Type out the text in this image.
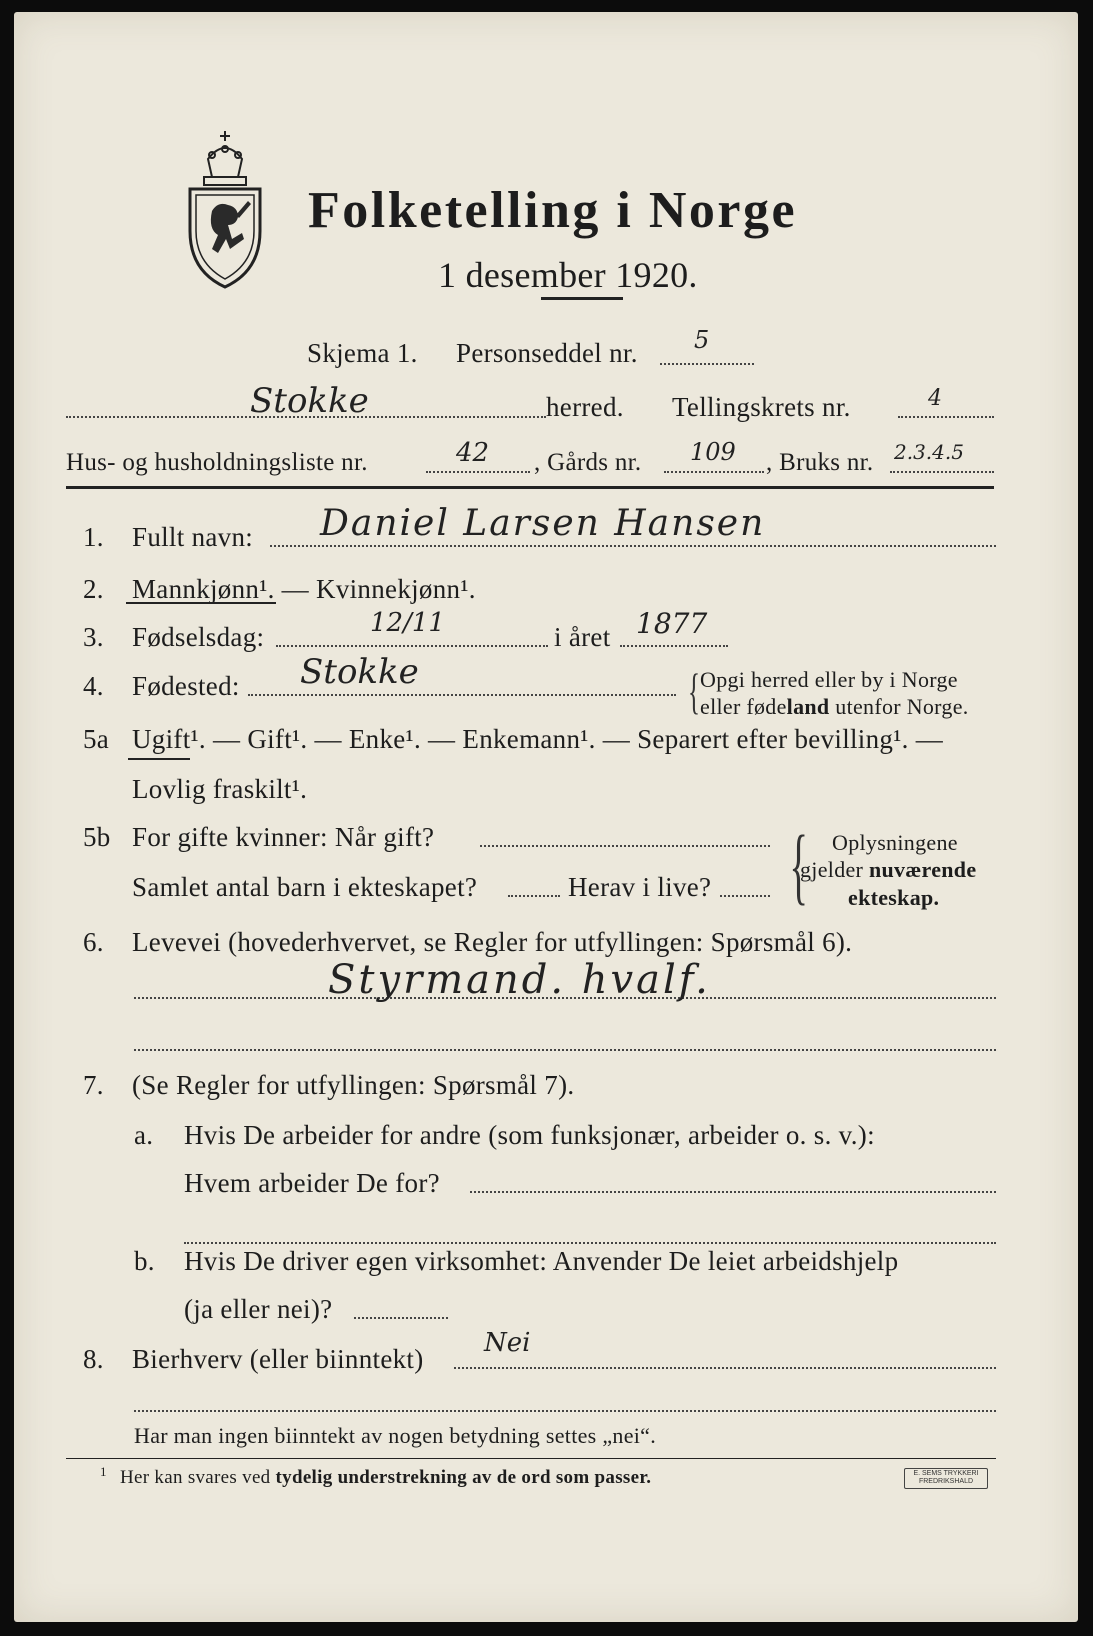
Folketelling i Norge
1 desember 1920.
Skjema 1. Personseddel nr. 5
Stokke	herred. Tellingskrets nr.	4
Hus- og husholdningsliste nr.	42 , Gårds nr. 109 , Bruks nr. 2.3.4.5
1. Fullt navn: Daniel Larsen Hansen
2. Mannkjønn¹. — Kvinnekjønn¹.
3. Fødselsdag:	12/11	i året 1877
4. Fødested: Stokke	{ Opgi herred eller by i Norge
eller fødeland utenfor Norge.
5a Ugift¹. — Gift¹. — Enke¹. — Enkemann¹. — Separert efter bevilling¹. —
Lovlig fraskilt¹.
5b For gifte kvinner: Når gift?
Samlet antal barn i ekteskapet?	Herav i live? { Oplysningene
gjelder nuværende
ekteskap.
6. Levevei (hovederhvervet, se Regler for utfyllingen: Spørsmål 6).
Styrmand. hvalf.
7. (Se Regler for utfyllingen: Spørsmål 7).
a. Hvis De arbeider for andre (som funksjonær, arbeider o. s. v.):
Hvem arbeider De for?
b. Hvis De driver egen virksomhet: Anvender De leiet arbeidshjelp
(ja eller nei)?
8. Bierhverv (eller biinntekt)
Nei
Har man ingen biinntekt av nogen betydning settes „nei“.
1 Her kan svares ved tydelig understrekning av de ord som passer.	E. SEMS TRYKKERI FREDRIKSHALD
